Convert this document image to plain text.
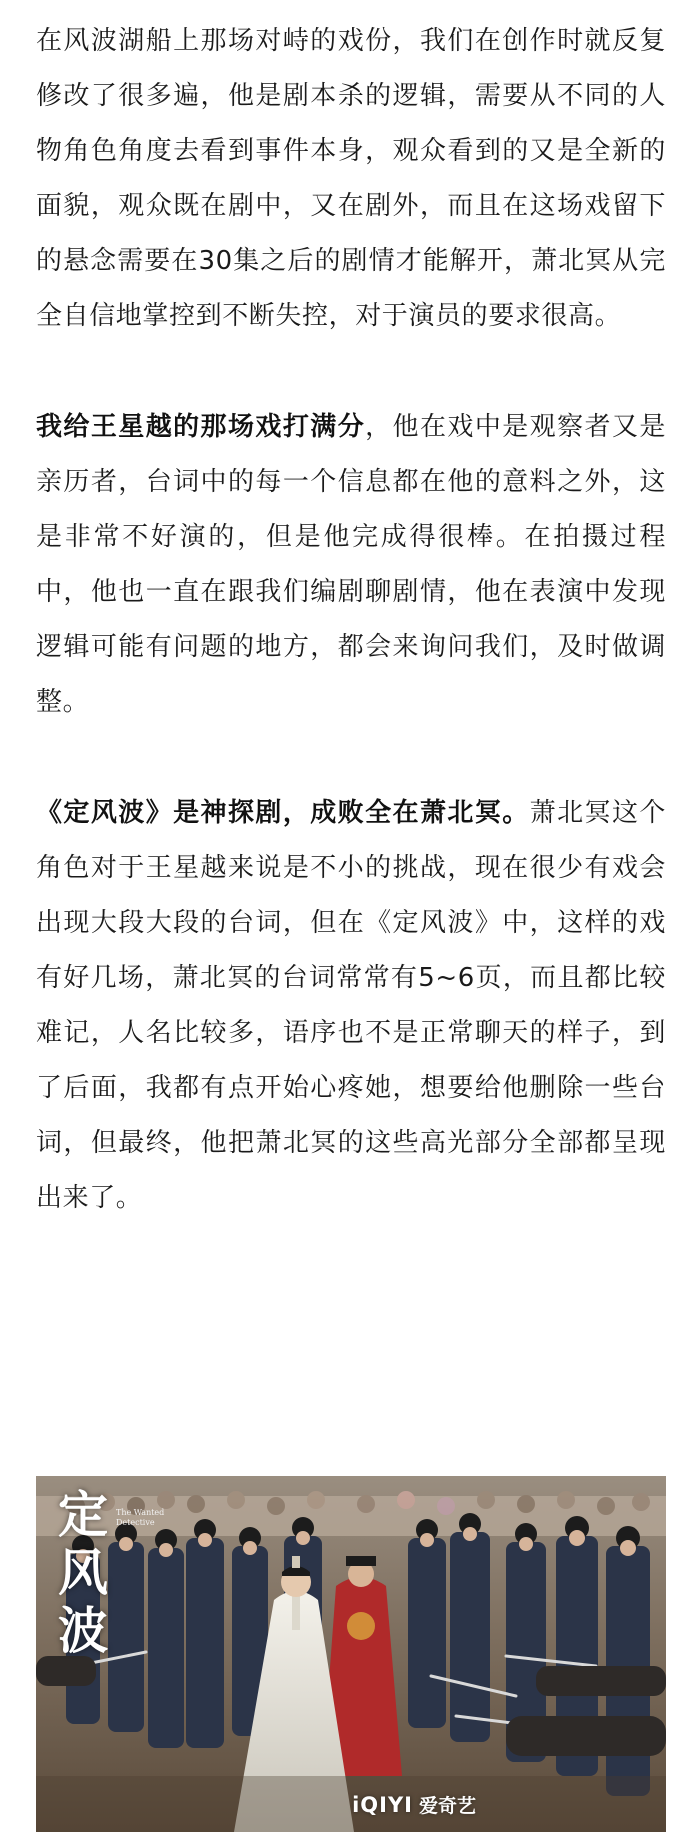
在风波湖船上那场对峙的戏份，我们在创作时就反复修改了很多遍，他是剧本杀的逻辑，需要从不同的人物角色角度去看到事件本身，观众看到的又是全新的面貌，观众既在剧中，又在剧外，而且在这场戏留下的悬念需要在30集之后的剧情才能解开，萧北冥从完全自信地掌控到不断失控，对于演员的要求很高。

我给王星越的那场戏打满分，他在戏中是观察者又是亲历者，台词中的每一个信息都在他的意料之外，这是非常不好演的，但是他完成得很棒。在拍摄过程中，他也一直在跟我们编剧聊剧情，他在表演中发现逻辑可能有问题的地方，都会来询问我们，及时做调整。

《定风波》是神探剧，成败全在萧北冥。萧北冥这个角色对于王星越来说是不小的挑战，现在很少有戏会出现大段大段的台词，但在《定风波》中，这样的戏有好几场，萧北冥的台词常常有5~6页，而且都比较难记，人名比较多，语序也不是正常聊天的样子，到了后面，我都有点开始心疼她，想要给他删除一些台词，但最终，他把萧北冥的这些高光部分全部都呈现出来了。

定
风
波
The Wanted Detective
iQIYI 爱奇艺
